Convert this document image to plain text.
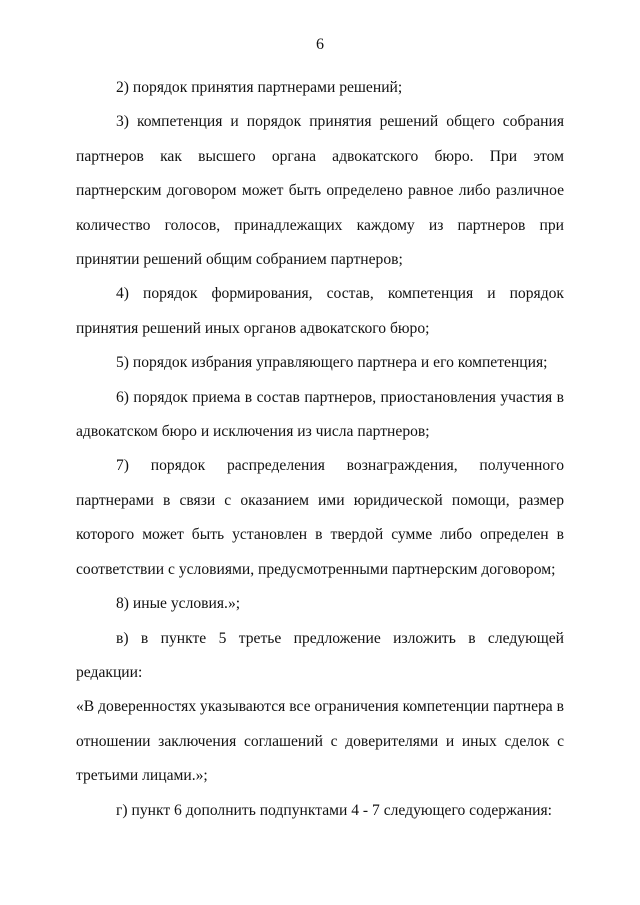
6

2) порядок принятия партнерами решений;

3) компетенция и порядок принятия решений общего собрания партнеров как высшего органа адвокатского бюро. При этом партнерским договором может быть определено равное либо различное количество голосов, принадлежащих каждому из партнеров при принятии решений общим собранием партнеров;

4) порядок формирования, состав, компетенция и порядок принятия решений иных органов адвокатского бюро;

5) порядок избрания управляющего партнера и его компетенция;

6) порядок приема в состав партнеров, приостановления участия в адвокатском бюро и исключения из числа партнеров;

7) порядок распределения вознаграждения, полученного партнерами в связи с оказанием ими юридической помощи, размер которого может быть установлен в твердой сумме либо определен в соответствии с условиями, предусмотренными партнерским договором;

8) иные условия.»;

в) в пункте 5 третье предложение изложить в следующей редакции:

«В доверенностях указываются все ограничения компетенции партнера в отношении заключения соглашений с доверителями и иных сделок с третьими лицами.»;

г) пункт 6 дополнить подпунктами 4 - 7 следующего содержания:
